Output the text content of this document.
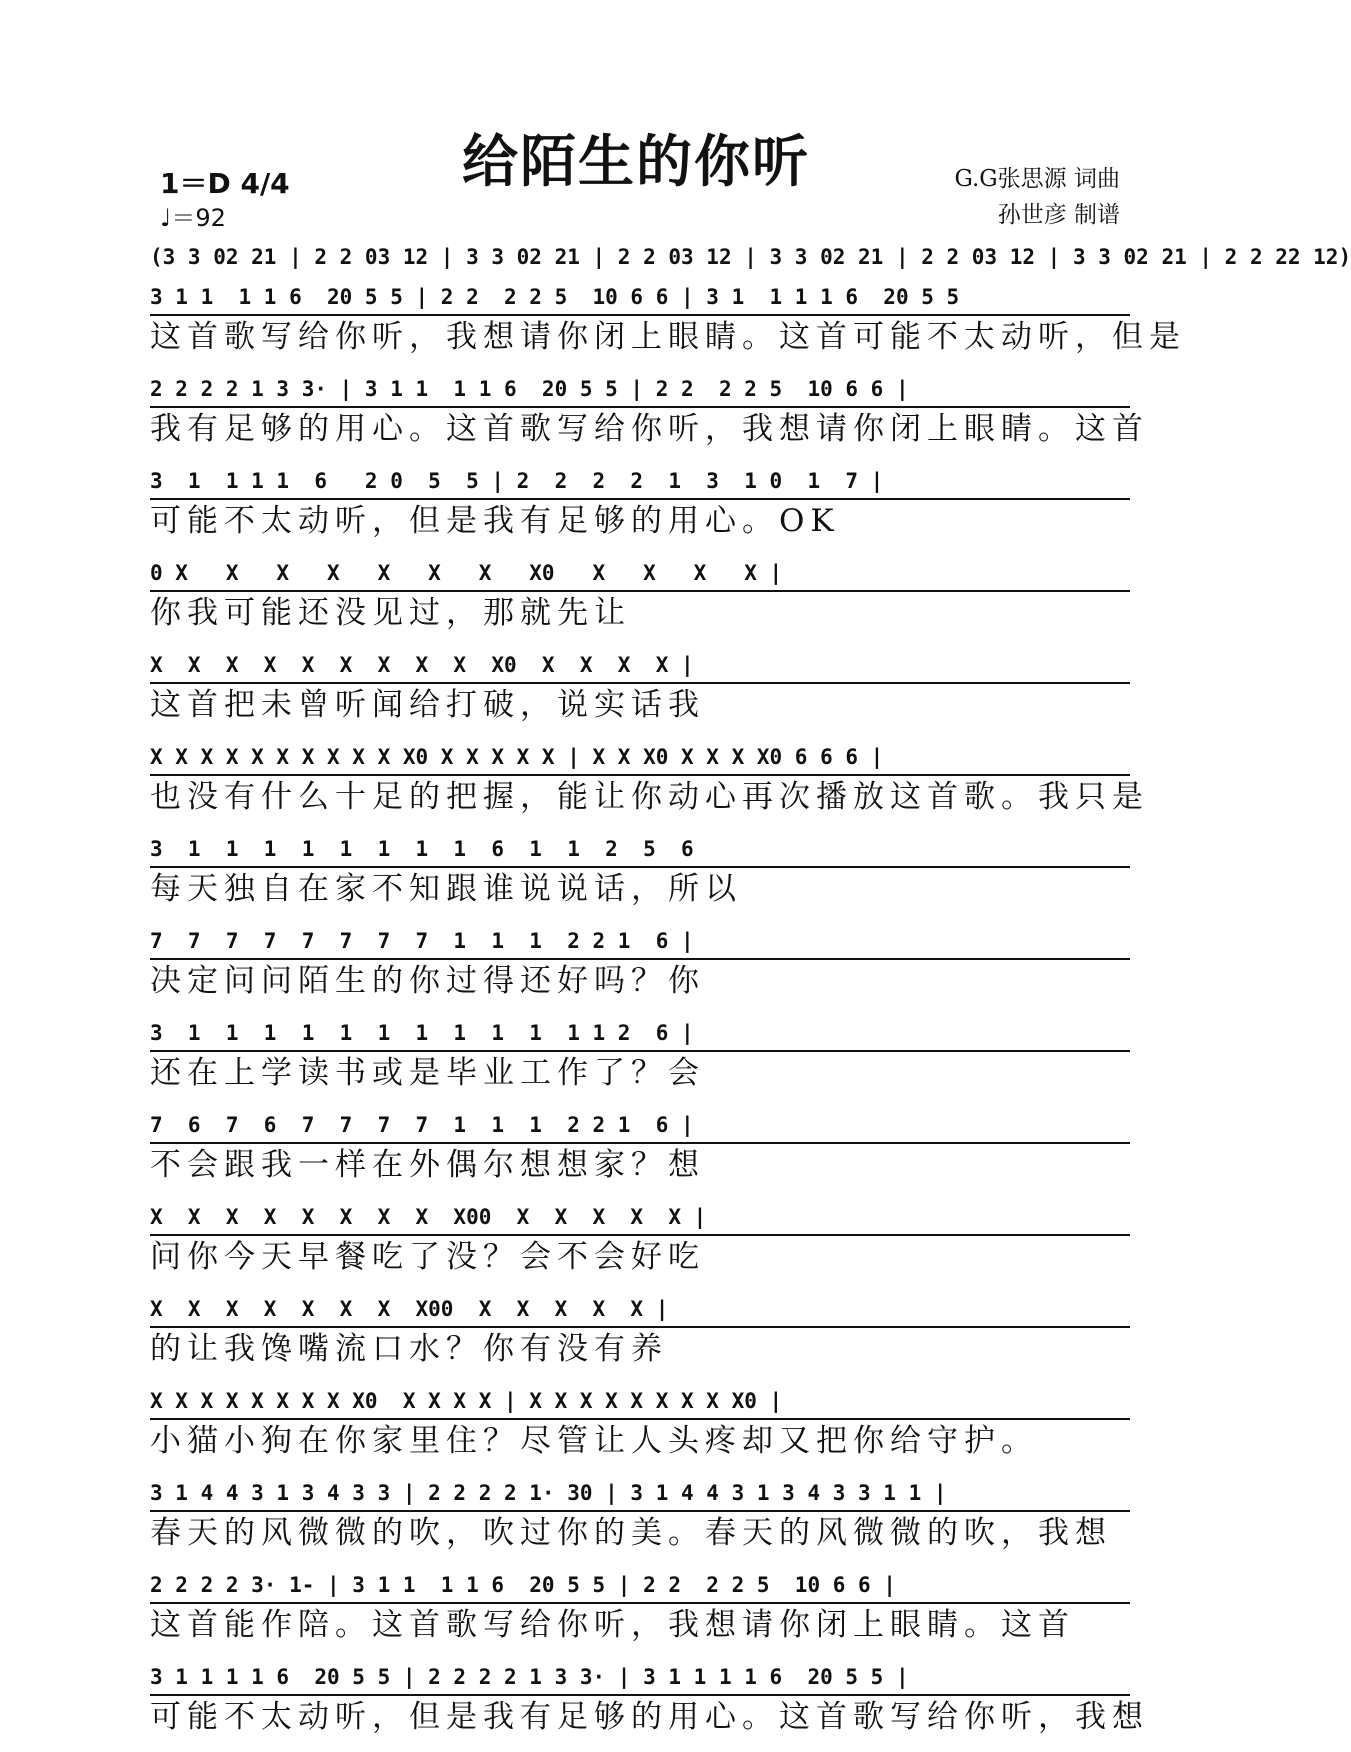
给陌生的你听
1＝D 4/4
♩＝92
G.G张思源 词曲
孙世彦 制谱
(3 3 02 21 | 2 2 03 12 | 3 3 02 21 | 2 2 03 12 | 3 3 02 21 | 2 2 03 12 | 3 3 02 21 | 2 2 22 12)
3 1 1  1 1 6  20 5 5 | 2 2  2 2 5  10 6 6 | 3 1  1 1 1 6  20 5 5
这首歌写给你听，我想请你闭上眼睛。这首可能不太动听，但是
2 2 2 2 1 3 3· | 3 1 1  1 1 6  20 5 5 | 2 2  2 2 5  10 6 6 |
我有足够的用心。这首歌写给你听，我想请你闭上眼睛。这首
3  1  1 1 1  6   2 0  5  5 | 2  2  2  2  1  3  1 0  1  7 |
可能不太动听，但是我有足够的用心。OK
0 X   X   X   X   X   X   X   X0   X   X   X   X |
你我可能还没见过，那就先让
X  X  X  X  X  X  X  X  X  X0  X  X  X  X |
这首把未曾听闻给打破，说实话我
X X X X X X X X X X X0 X X X X X | X X X0 X X X X0 6 6 6 |
也没有什么十足的把握，能让你动心再次播放这首歌。我只是
3  1  1  1  1  1  1  1  1  6  1  1  2  5  6
每天独自在家不知跟谁说说话，所以
7  7  7  7  7  7  7  7  1  1  1  2 2 1  6 |
决定问问陌生的你过得还好吗？你
3  1  1  1  1  1  1  1  1  1  1  1 1 2  6 |
还在上学读书或是毕业工作了？会
7  6  7  6  7  7  7  7  1  1  1  2 2 1  6 |
不会跟我一样在外偶尔想想家？想
X  X  X  X  X  X  X  X  X00  X  X  X  X  X |
问你今天早餐吃了没？会不会好吃
X  X  X  X  X  X  X  X00  X  X  X  X  X |
的让我馋嘴流口水？你有没有养
X X X X X X X X X0  X X X X | X X X X X X X X X0 |
小猫小狗在你家里住？尽管让人头疼却又把你给守护。
3 1 4 4 3 1 3 4 3 3 | 2 2 2 2 1· 30 | 3 1 4 4 3 1 3 4 3 3 1 1 |
春天的风微微的吹，吹过你的美。春天的风微微的吹，我想
2 2 2 2 3· 1- | 3 1 1  1 1 6  20 5 5 | 2 2  2 2 5  10 6 6 |
这首能作陪。这首歌写给你听，我想请你闭上眼睛。这首
3 1 1 1 1 6  20 5 5 | 2 2 2 2 1 3 3· | 3 1 1 1 1 6  20 5 5 |
可能不太动听，但是我有足够的用心。这首歌写给你听，我想
